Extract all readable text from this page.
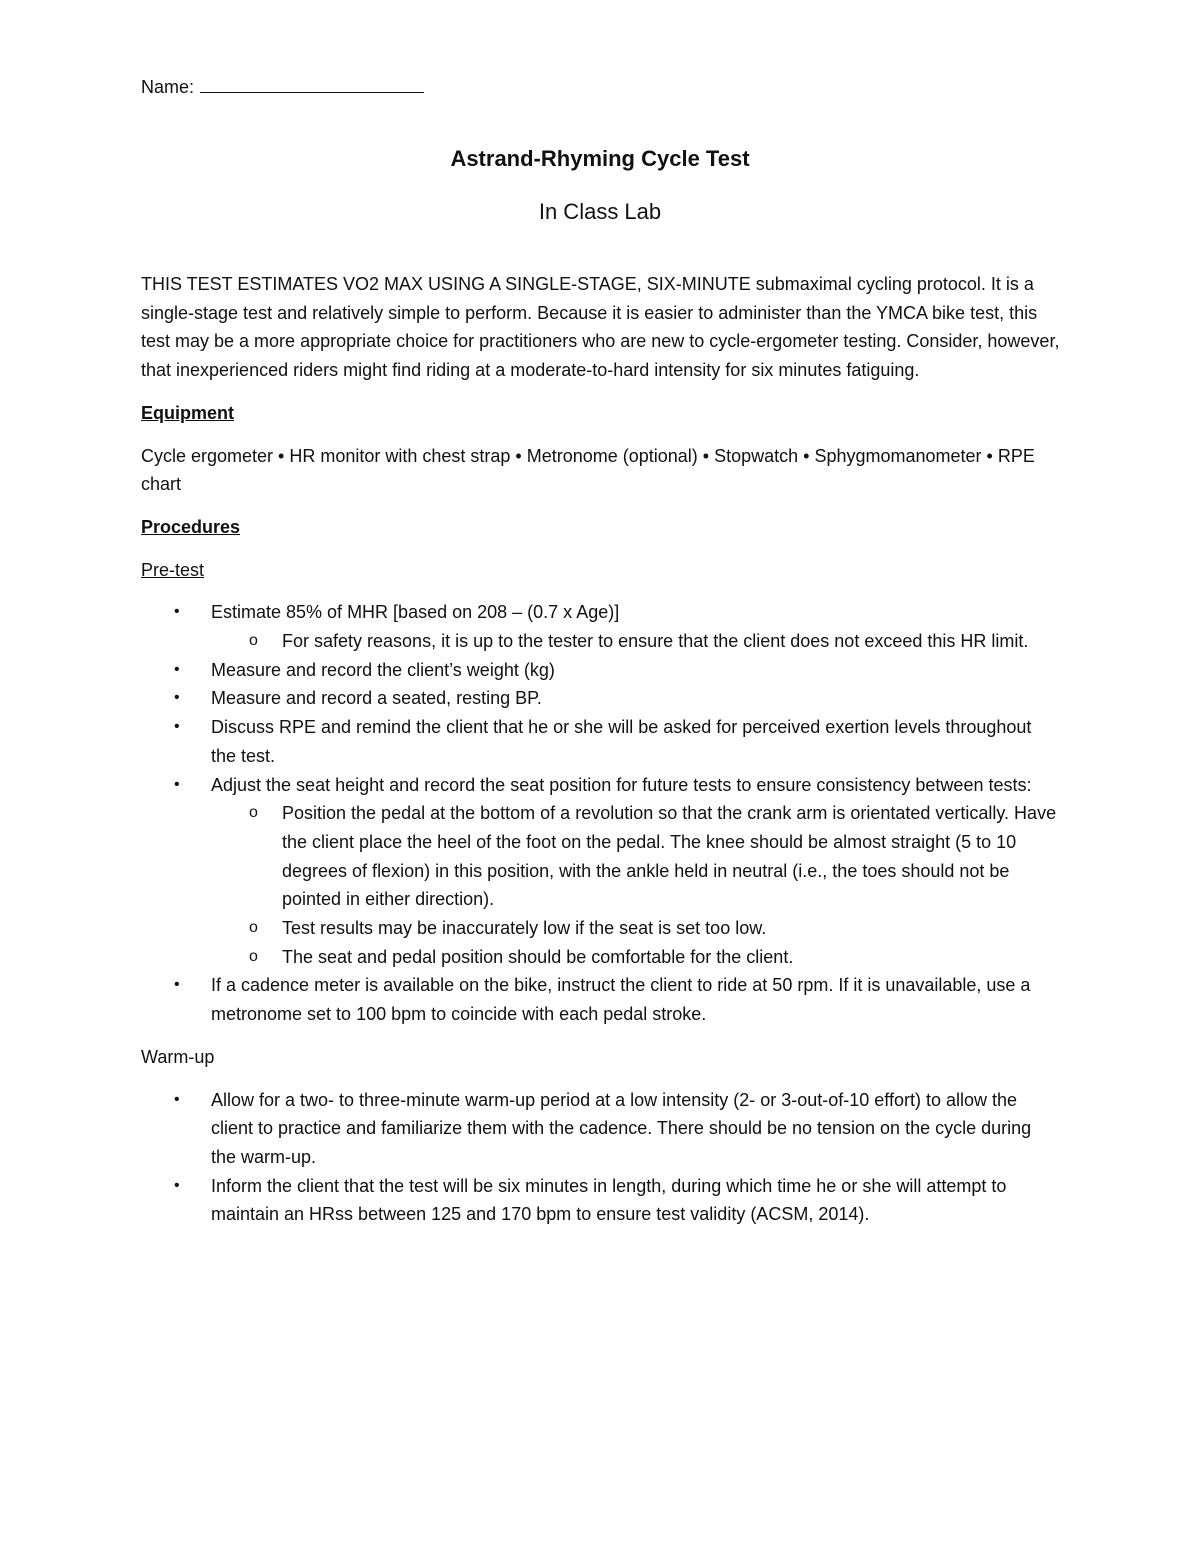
Name:
Astrand-Rhyming Cycle Test
In Class Lab

THIS TEST ESTIMATES VO2 MAX USING A SINGLE-STAGE, SIX-MINUTE submaximal cycling protocol. It is a single-stage test and relatively simple to perform. Because it is easier to administer than the YMCA bike test, this test may be a more appropriate choice for practitioners who are new to cycle-ergometer testing. Consider, however, that inexperienced riders might find riding at a moderate-to-hard intensity for six minutes fatiguing.

Equipment

Cycle ergometer • HR monitor with chest strap • Metronome (optional) • Stopwatch • Sphygmomanometer • RPE chart

Procedures

Pre-test

• Estimate 85% of MHR [based on 208 – (0.7 x Age)]
o For safety reasons, it is up to the tester to ensure that the client does not exceed this HR limit.
• Measure and record the client’s weight (kg)
• Measure and record a seated, resting BP.
• Discuss RPE and remind the client that he or she will be asked for perceived exertion levels throughout the test.
• Adjust the seat height and record the seat position for future tests to ensure consistency between tests:
o Position the pedal at the bottom of a revolution so that the crank arm is orientated vertically. Have the client place the heel of the foot on the pedal. The knee should be almost straight (5 to 10 degrees of flexion) in this position, with the ankle held in neutral (i.e., the toes should not be pointed in either direction).
o Test results may be inaccurately low if the seat is set too low.
o The seat and pedal position should be comfortable for the client.
• If a cadence meter is available on the bike, instruct the client to ride at 50 rpm. If it is unavailable, use a metronome set to 100 bpm to coincide with each pedal stroke.

Warm-up

• Allow for a two- to three-minute warm-up period at a low intensity (2- or 3-out-of-10 effort) to allow the client to practice and familiarize them with the cadence. There should be no tension on the cycle during the warm-up.
• Inform the client that the test will be six minutes in length, during which time he or she will attempt to maintain an HRss between 125 and 170 bpm to ensure test validity (ACSM, 2014).
